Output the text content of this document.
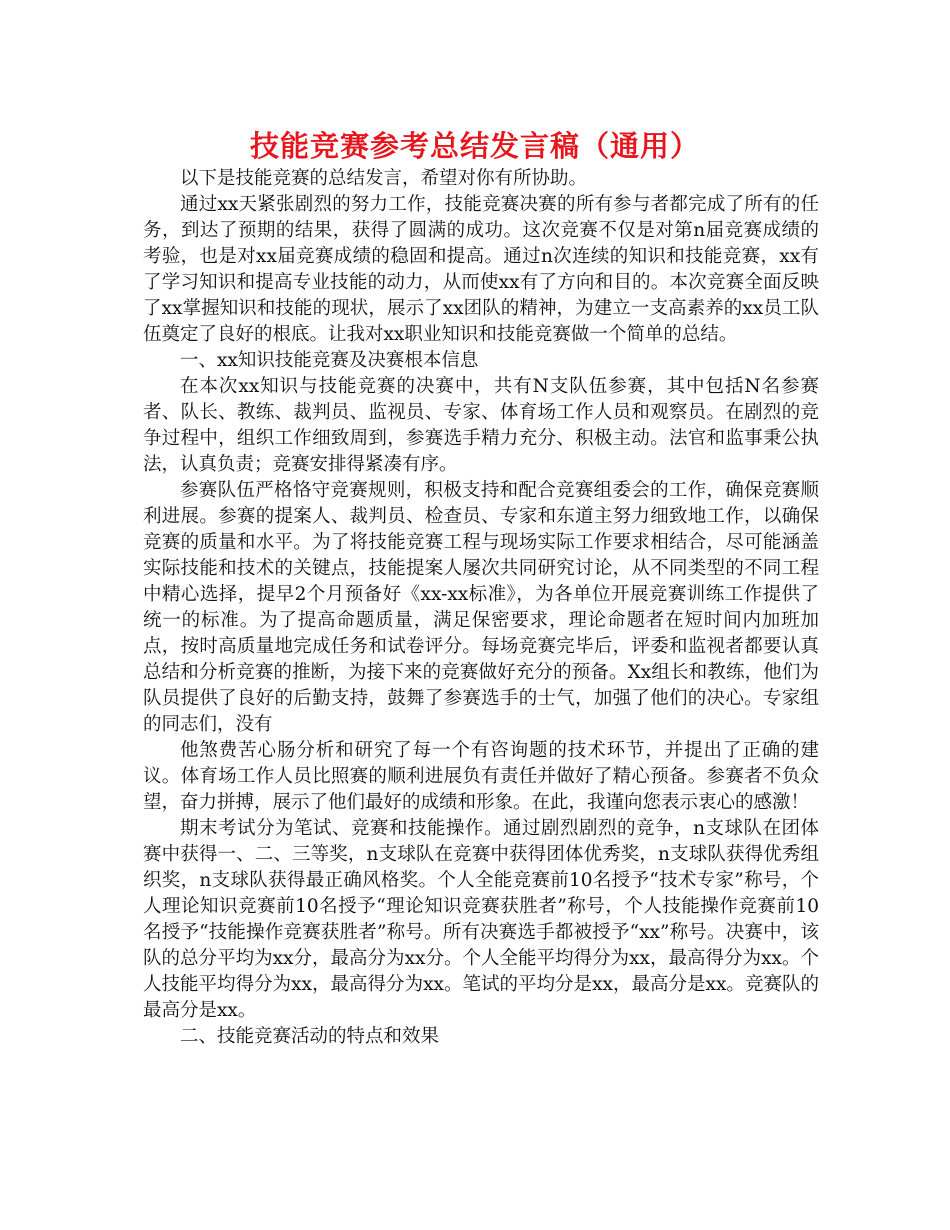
技能竞赛参考总结发言稿（通用）

以下是技能竞赛的总结发言，希望对你有所协助。

通过xx天紧张剧烈的努力工作，技能竞赛决赛的所有参与者都完成了所有的任务，到达了预期的结果，获得了圆满的成功。这次竞赛不仅是对第n届竞赛成绩的考验，也是对xx届竞赛成绩的稳固和提高。通过n次连续的知识和技能竞赛，xx有了学习知识和提高专业技能的动力，从而使xx有了方向和目的。本次竞赛全面反映了xx掌握知识和技能的现状，展示了xx团队的精神，为建立一支高素养的xx员工队伍奠定了良好的根底。让我对xx职业知识和技能竞赛做一个简单的总结。

一、xx知识技能竞赛及决赛根本信息

在本次xx知识与技能竞赛的决赛中，共有N支队伍参赛，其中包括N名参赛者、队长、教练、裁判员、监视员、专家、体育场工作人员和观察员。在剧烈的竞争过程中，组织工作细致周到，参赛选手精力充分、积极主动。法官和监事秉公执法，认真负责；竞赛安排得紧凑有序。

参赛队伍严格恪守竞赛规则，积极支持和配合竞赛组委会的工作，确保竞赛顺利进展。参赛的提案人、裁判员、检查员、专家和东道主努力细致地工作，以确保竞赛的质量和水平。为了将技能竞赛工程与现场实际工作要求相结合，尽可能涵盖实际技能和技术的关键点，技能提案人屡次共同研究讨论，从不同类型的不同工程中精心选择，提早2个月预备好《xx-xx标准》，为各单位开展竞赛训练工作提供了统一的标准。为了提高命题质量，满足保密要求，理论命题者在短时间内加班加点，按时高质量地完成任务和试卷评分。每场竞赛完毕后，评委和监视者都要认真总结和分析竞赛的推断，为接下来的竞赛做好充分的预备。Xx组长和教练，他们为队员提供了良好的后勤支持，鼓舞了参赛选手的士气，加强了他们的决心。专家组的同志们，没有

他煞费苦心肠分析和研究了每一个有咨询题的技术环节，并提出了正确的建议。体育场工作人员比照赛的顺利进展负有责任并做好了精心预备。参赛者不负众望，奋力拼搏，展示了他们最好的成绩和形象。在此，我谨向您表示衷心的感激！

期末考试分为笔试、竞赛和技能操作。通过剧烈剧烈的竞争，n支球队在团体赛中获得一、二、三等奖，n支球队在竞赛中获得团体优秀奖，n支球队获得优秀组织奖，n支球队获得最正确风格奖。个人全能竞赛前10名授予“技术专家”称号，个人理论知识竞赛前10名授予“理论知识竞赛获胜者”称号，个人技能操作竞赛前10名授予“技能操作竞赛获胜者”称号。所有决赛选手都被授予“xx”称号。决赛中，该队的总分平均为xx分，最高分为xx分。个人全能平均得分为xx，最高得分为xx。个人技能平均得分为xx，最高得分为xx。笔试的平均分是xx，最高分是xx。竞赛队的最高分是xx。

二、技能竞赛活动的特点和效果
